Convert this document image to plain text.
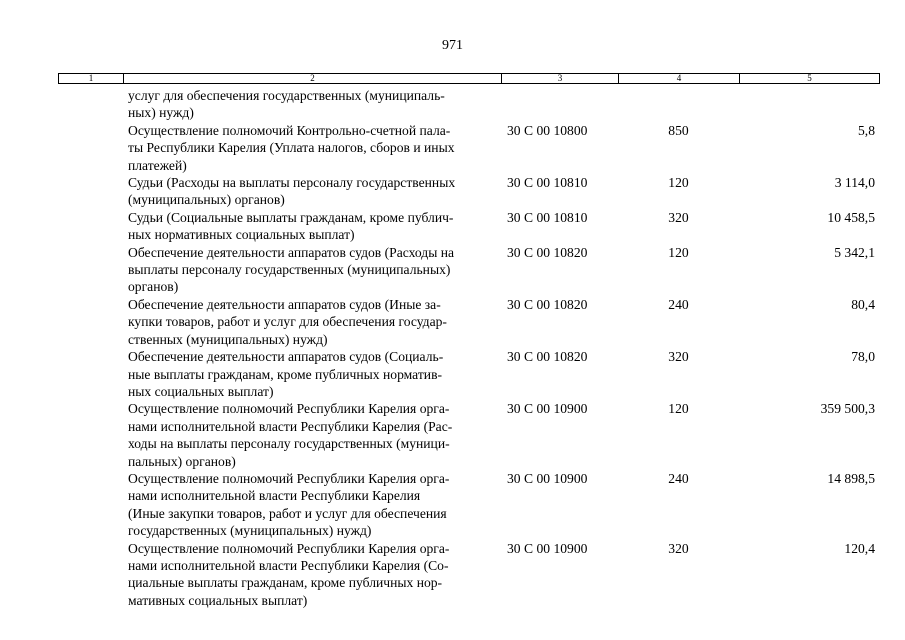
971
1	2	3	4	5
услуг для обеспечения государственных (муниципаль-
ных) нужд)
Осуществление полномочий Контрольно-счетной пала-
ты Республики Карелия (Уплата налогов, сборов и иных
платежей)
30 С 00 10800	850	5,8
Судьи (Расходы на выплаты персоналу государственных
(муниципальных) органов)
30 С 00 10810	120	3 114,0
Судьи (Социальные выплаты гражданам, кроме публич-
ных нормативных социальных выплат)
30 С 00 10810	320	10 458,5
Обеспечение деятельности аппаратов судов (Расходы на
выплаты персоналу государственных (муниципальных)
органов)
30 С 00 10820	120	5 342,1
Обеспечение деятельности аппаратов судов (Иные за-
купки товаров, работ и услуг для обеспечения государ-
ственных (муниципальных) нужд)
30 С 00 10820	240	80,4
Обеспечение деятельности аппаратов судов (Социаль-
ные выплаты гражданам, кроме публичных норматив-
ных социальных выплат)
30 С 00 10820	320	78,0
Осуществление полномочий Республики Карелия орга-
нами исполнительной власти Республики Карелия (Рас-
ходы на выплаты персоналу государственных (муници-
пальных) органов)
30 С 00 10900	120	359 500,3
Осуществление полномочий Республики Карелия орга-
нами исполнительной власти Республики Карелия
(Иные закупки товаров, работ и услуг для обеспечения
государственных (муниципальных) нужд)
30 С 00 10900	240	14 898,5
Осуществление полномочий Республики Карелия орга-
нами исполнительной власти Республики Карелия (Со-
циальные выплаты гражданам, кроме публичных нор-
мативных социальных выплат)
30 С 00 10900	320	120,4
